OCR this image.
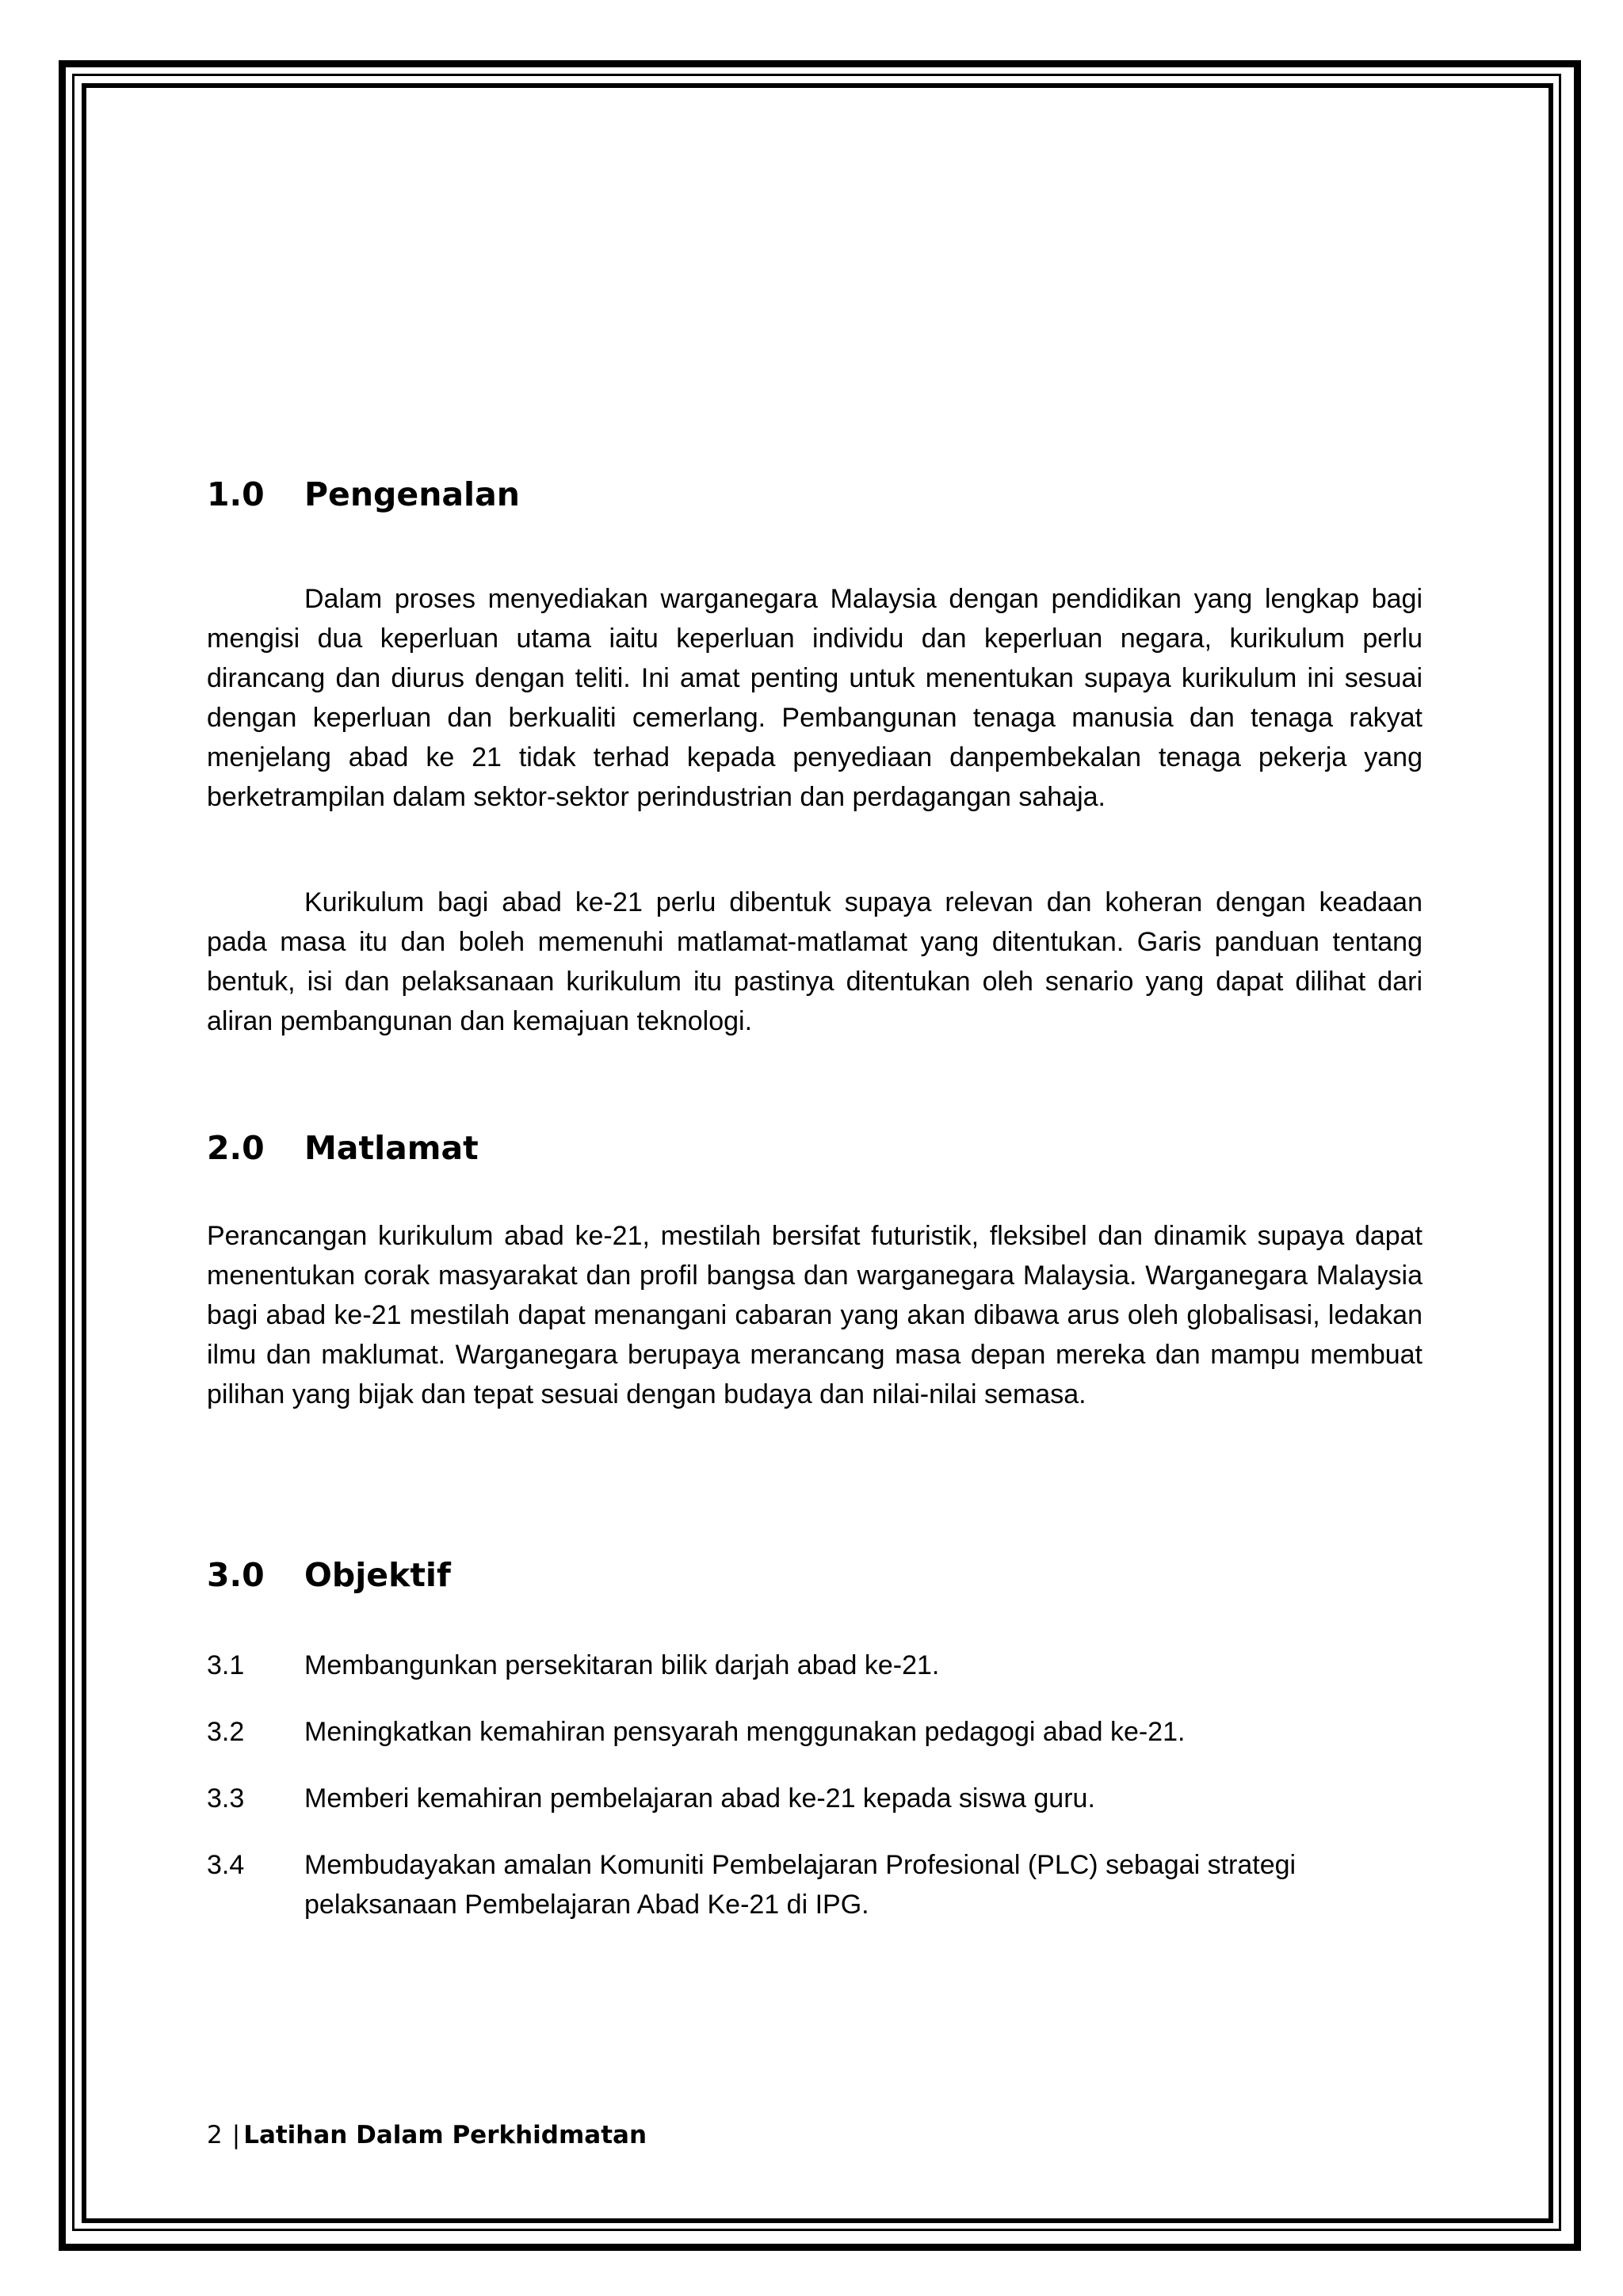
1.0 Pengenalan

Dalam proses menyediakan warganegara Malaysia dengan pendidikan yang lengkap bagi mengisi dua keperluan utama iaitu keperluan individu dan keperluan negara, kurikulum perlu dirancang dan diurus dengan teliti. Ini amat penting untuk menentukan supaya kurikulum ini sesuai dengan keperluan dan berkualiti cemerlang. Pembangunan tenaga manusia dan tenaga rakyat menjelang abad ke 21 tidak terhad kepada penyediaan danpembekalan tenaga pekerja yang berketrampilan dalam sektor-sektor perindustrian dan perdagangan sahaja.

Kurikulum bagi abad ke-21 perlu dibentuk supaya relevan dan koheran dengan keadaan pada masa itu dan boleh memenuhi matlamat-matlamat yang ditentukan. Garis panduan tentang bentuk, isi dan pelaksanaan kurikulum itu pastinya ditentukan oleh senario yang dapat dilihat dari aliran pembangunan dan kemajuan teknologi.

2.0 Matlamat

Perancangan kurikulum abad ke-21, mestilah bersifat futuristik, fleksibel dan dinamik supaya dapat menentukan corak masyarakat dan profil bangsa dan warganegara Malaysia. Warganegara Malaysia bagi abad ke-21 mestilah dapat menangani cabaran yang akan dibawa arus oleh globalisasi, ledakan ilmu dan maklumat. Warganegara berupaya merancang masa depan mereka dan mampu membuat pilihan yang bijak dan tepat sesuai dengan budaya dan nilai-nilai semasa.

3.0 Objektif
3.1	Membangunkan persekitaran bilik darjah abad ke-21.
3.2	Meningkatkan kemahiran pensyarah menggunakan pedagogi abad ke-21.
3.3	Memberi kemahiran pembelajaran abad ke-21 kepada siswa guru.
3.4	Membudayakan amalan Komuniti Pembelajaran Profesional (PLC) sebagai strategi pelaksanaan Pembelajaran Abad Ke-21 di IPG.
2 | Latihan Dalam Perkhidmatan
